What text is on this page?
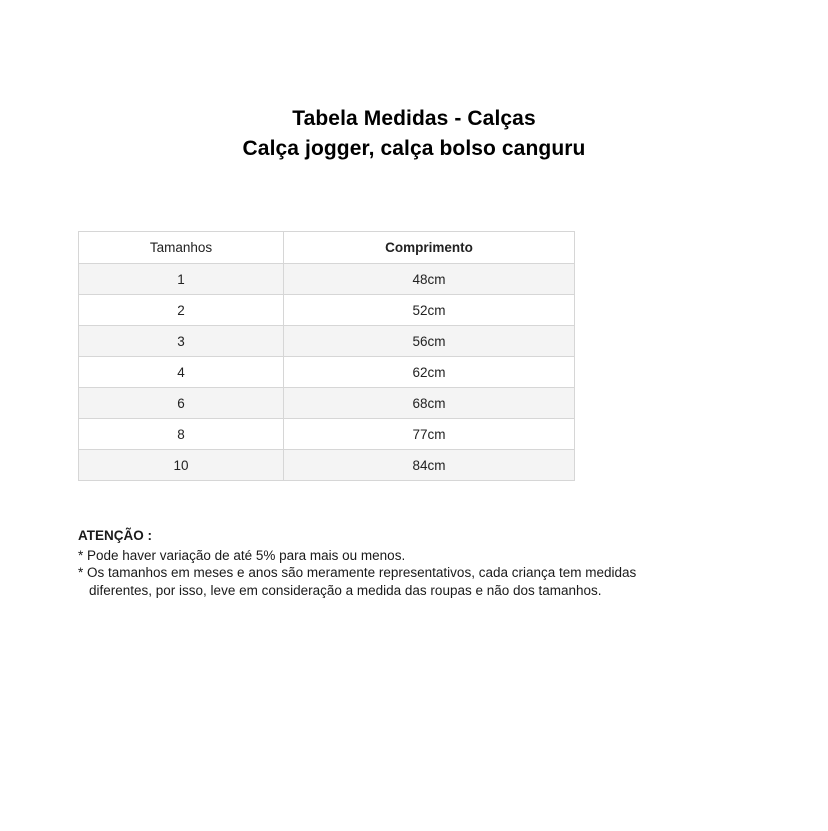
Tabela Medidas - Calças
Calça jogger, calça bolso canguru
Tamanhos	Comprimento
1	48cm
2	52cm
3	56cm
4	62cm
6	68cm
8	77cm
10	84cm
ATENÇÃO :
* Pode haver variação de até 5% para mais ou menos.
* Os tamanhos em meses e anos são meramente representativos, cada criança tem medidas
diferentes, por isso, leve em consideração a medida das roupas e não dos tamanhos.
